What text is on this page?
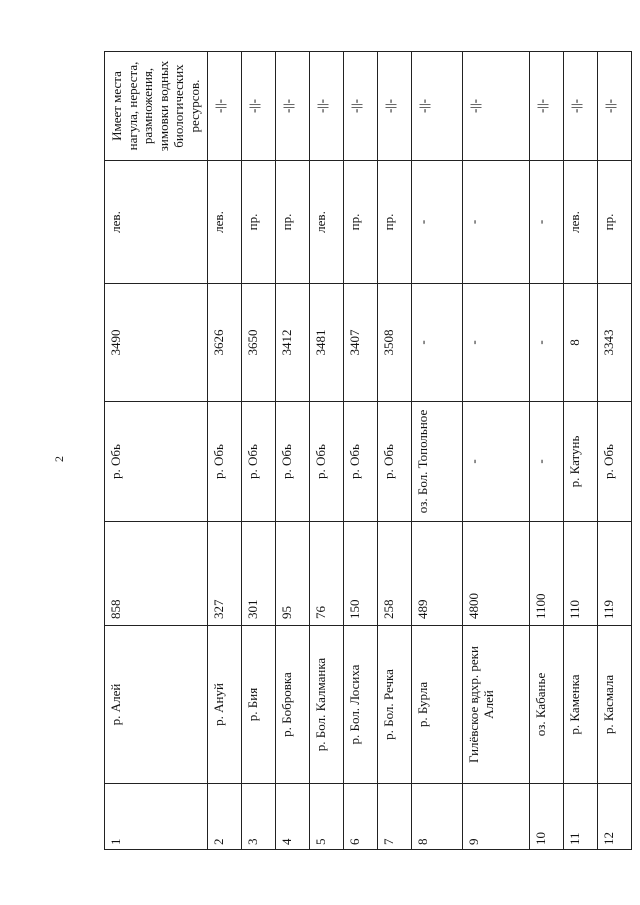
2
1	р. Алей	858	р. Обь	3490	лев.	Имеет места нагула, нереста, размножения, зимовки водных биологических ресурсов.
2	р. Ануй	327	р. Обь	3626	лев.	-||-
3	р. Бия	301	р. Обь	3650	пр.	-||-
4	р. Бобровка	95	р. Обь	3412	пр.	-||-
5	р. Бол. Калманка	76	р. Обь	3481	лев.	-||-
6	р. Бол. Лосиха	150	р. Обь	3407	пр.	-||-
7	р. Бол. Речка	258	р. Обь	3508	пр.	-||-
8	р. Бурла	489	оз. Бол. Топольное	-	-	-||-
9	Гилёвское вдхр. реки Алей	4800	-	-	-	-||-
10	оз. Кабанье	1100	-	-	-	-||-
11	р. Каменка	110	р. Катунь	8	лев.	-||-
12	р. Касмала	119	р. Обь	3343	пр.	-||-
